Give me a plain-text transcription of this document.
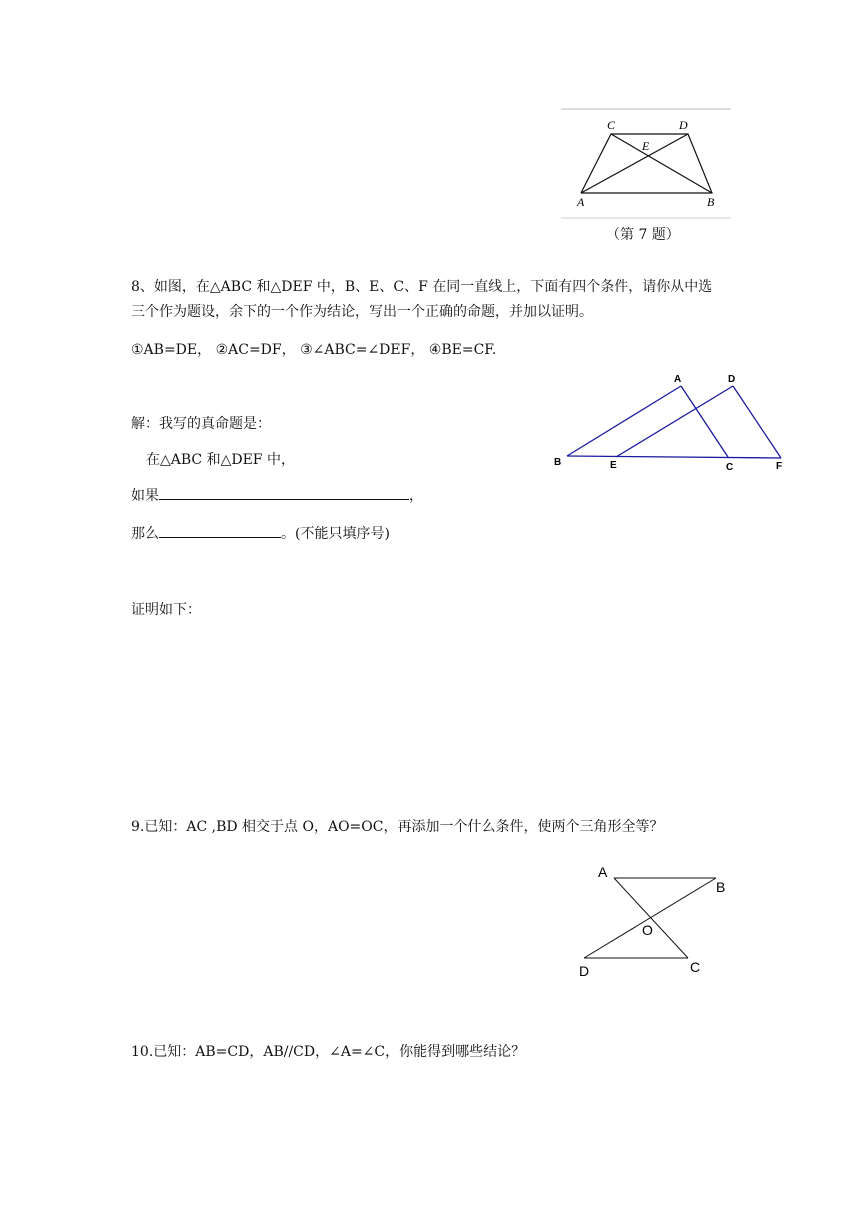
C	D
E
A	B
（第 7 题）
8、如图，在△ABC 和△DEF 中，B、E、C、F 在同一直线上，下面有四个条件，请你从中选
三个作为题设，余下的一个作为结论，写出一个正确的命题，并加以证明。
①AB=DE， ②AC=DF， ③∠ABC=∠DEF， ④BE=CF.
A	D
B	E	C	F
解：我写的真命题是：
在△ABC 和△DEF 中，
如果	，
那么	。(不能只填序号)
证明如下：
9.已知：AC ,BD 相交于点 O，AO=OC，再添加一个什么条件，使两个三角形全等？
A
B
O
D	C
10.已知：AB=CD，AB//CD，∠A=∠C，你能得到哪些结论？
